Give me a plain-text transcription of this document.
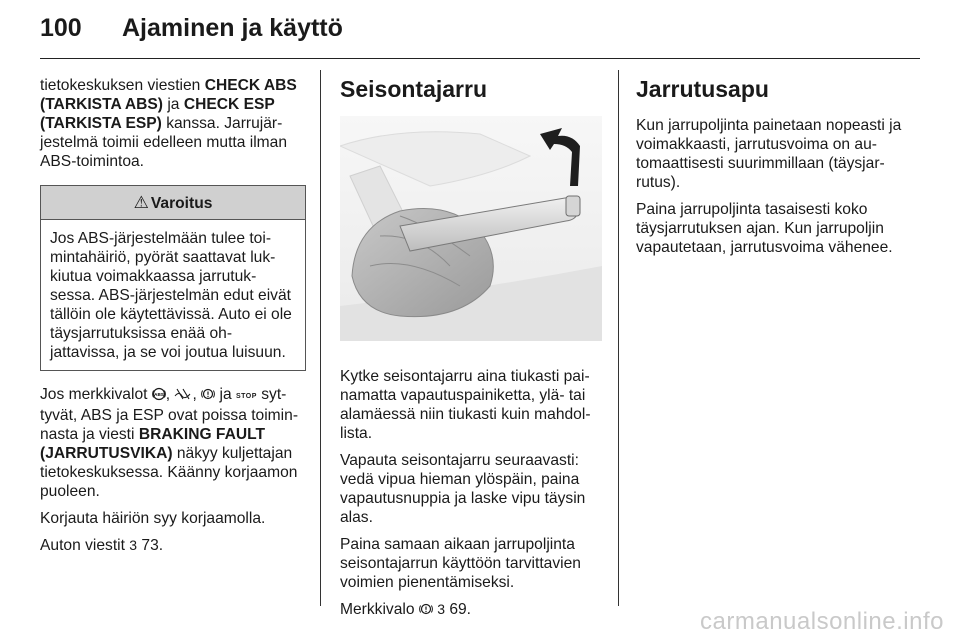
100	Ajaminen ja käyttö

tietokeskuksen viestien CHECK ABS (TARKISTA ABS) ja CHECK ESP (TARKISTA ESP) kanssa. Jarrujärjestelmä toimii edelleen mutta ilman ABS-toimintoa.

⚠ Varoitus
Jos ABS-järjestelmään tulee toimintahäiriö, pyörät saattavat lukkiutua voimakkaassa jarrutuksessa. ABS-järjestelmän edut eivät tällöin ole käytettävissä. Auto ei ole täysjarrutuksissa enää ohjattavissa, ja se voi joutua luisuun.

Jos merkkivalot ABS , ,  ja STOP syttyvät, ABS ja ESP ovat poissa toiminnasta ja viesti BRAKING FAULT (JARRUTUSVIKA) näkyy kuljettajan tietokeskuksessa. Käänny korjaamon puoleen.

Korjauta häiriön syy korjaamolla.

Auton viestit 3 73.

Seisontajarru

Kytke seisontajarru aina tiukasti painamatta vapautuspainiketta, ylä- tai alamäessä niin tiukasti kuin mahdollista.

Vapauta seisontajarru seuraavasti: vedä vipua hieman ylöspäin, paina vapautusnuppia ja laske vipu täysin alas.

Paina samaan aikaan jarrupoljinta seisontajarrun käyttöön tarvittavien voimien pienentämiseksi.

Merkkivalo  3 69.

Jarrutusapu

Kun jarrupoljinta painetaan nopeasti ja voimakkaasti, jarrutusvoima on automaattisesti suurimmillaan (täysjarrutus).

Paina jarrupoljinta tasaisesti koko täysjarrutuksen ajan. Kun jarrupoljin vapautetaan, jarrutusvoima vähenee.

carmanualsonline.info
